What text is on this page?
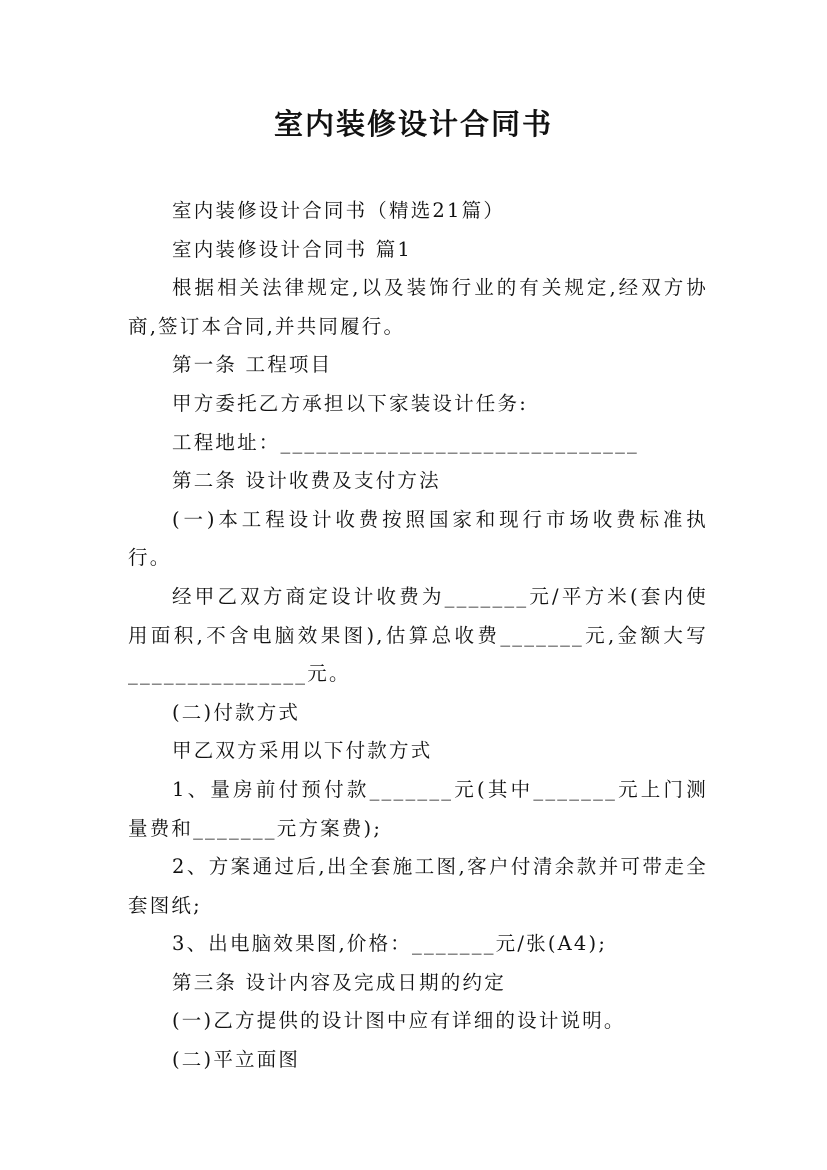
室内装修设计合同书

室内装修设计合同书（精选21篇）

室内装修设计合同书 篇1

根据相关法律规定,以及装饰行业的有关规定,经双方协商,签订本合同,并共同履行。

第一条 工程项目

甲方委托乙方承担以下家装设计任务:

工程地址：______________________________

第二条 设计收费及支付方法

(一)本工程设计收费按照国家和现行市场收费标准执行。

经甲乙双方商定设计收费为_______元/平方米(套内使用面积,不含电脑效果图),估算总收费_______元,金额大写_______________元。

(二)付款方式

甲乙双方采用以下付款方式

1、量房前付预付款_______元(其中_______元上门测量费和_______元方案费);

2、方案通过后,出全套施工图,客户付清余款并可带走全套图纸;

3、出电脑效果图,价格：_______元/张(A4);

第三条 设计内容及完成日期的约定

(一)乙方提供的设计图中应有详细的设计说明。

(二)平立面图
